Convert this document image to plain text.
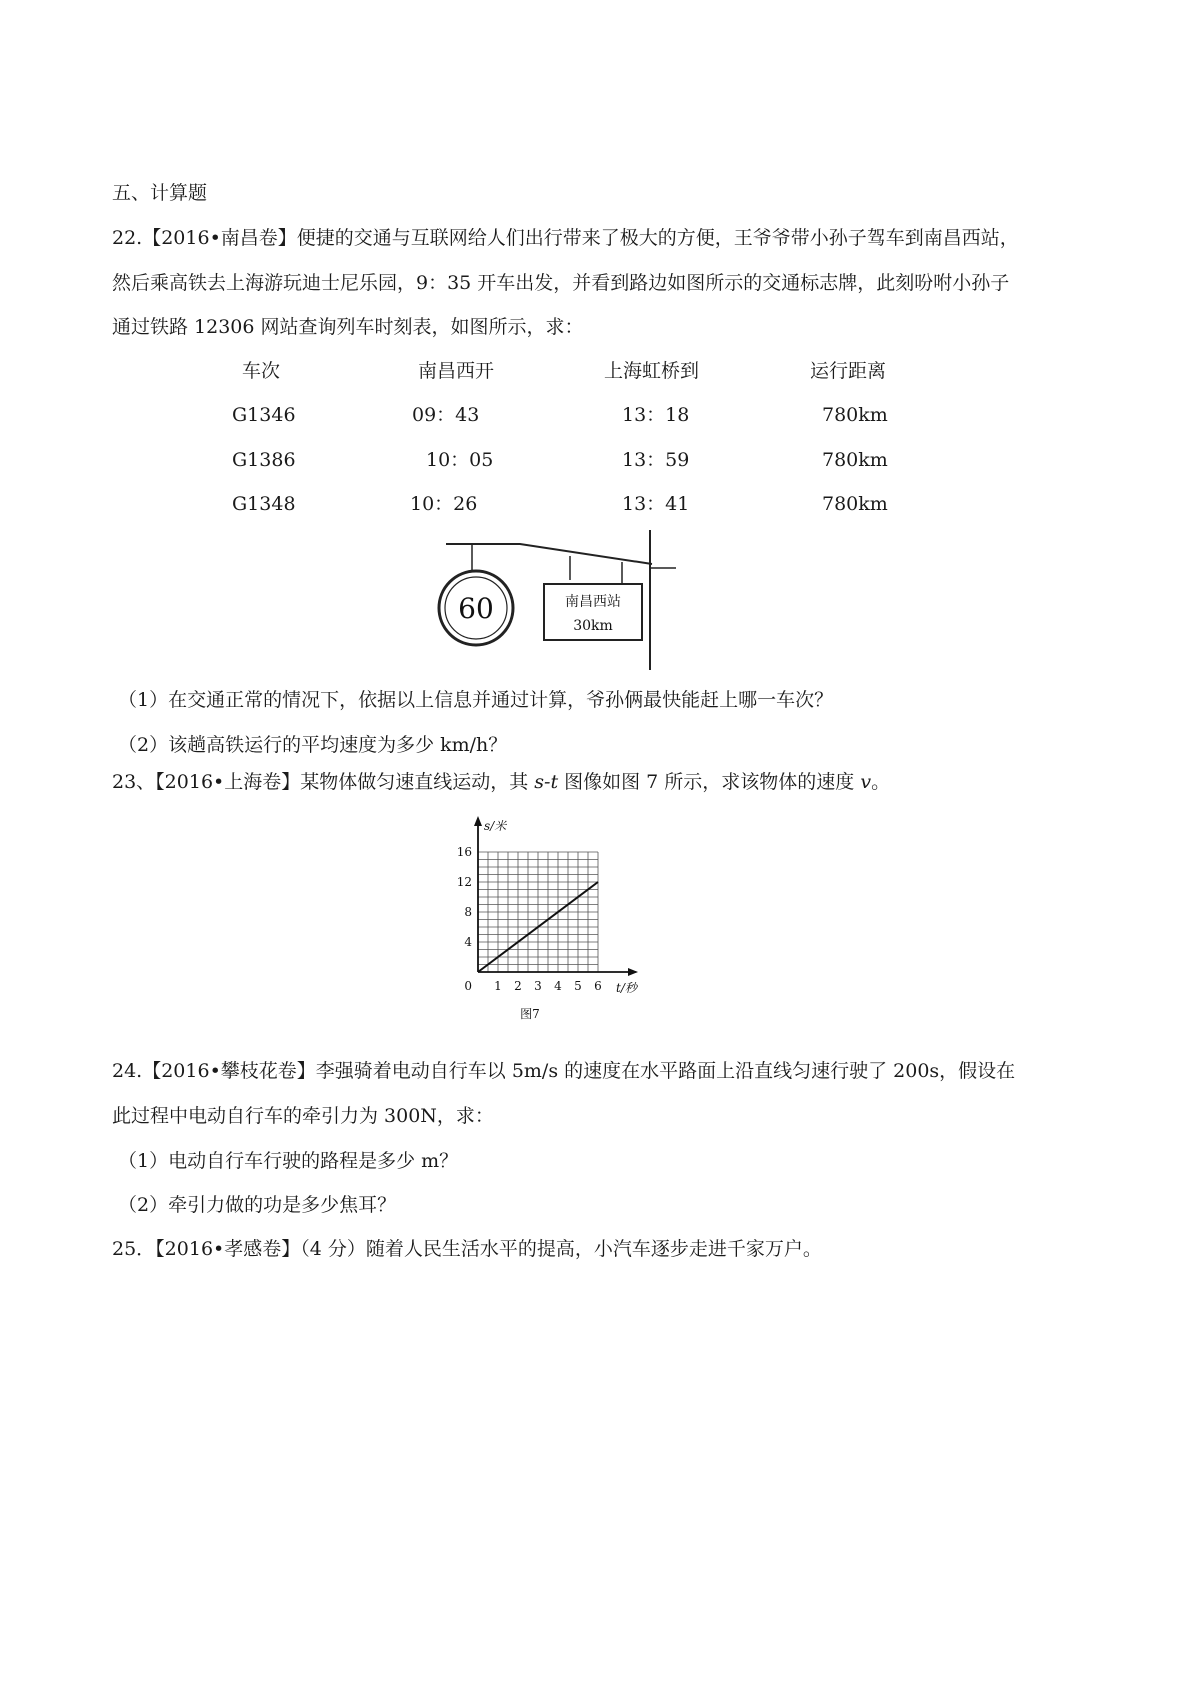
五、计算题
22.【2016•南昌卷】便捷的交通与互联网给人们出行带来了极大的方便，王爷爷带小孙子驾车到南昌西站，
然后乘高铁去上海游玩迪士尼乐园，9：35 开车出发，并看到路边如图所示的交通标志牌，此刻吩咐小孙子
通过铁路 12306 网站查询列车时刻表，如图所示，求：
车次	南昌西开	上海虹桥到	运行距离
G1346	09：43	13：18	780km
G1386	10：05	13：59	780km
G1348	10：26	13：41	780km
60	南昌西站
30km
（1）在交通正常的情况下，依据以上信息并通过计算，爷孙俩最快能赶上哪一车次？
（2）该趟高铁运行的平均速度为多少 km/h？
23、【2016•上海卷】某物体做匀速直线运动，其 s-t 图像如图 7 所示，求该物体的速度 v。
1 2 3 4 5 6
4
8
12
16
0
s/米
t/秒
图7
24.【2016•攀枝花卷】李强骑着电动自行车以 5m/s 的速度在水平路面上沿直线匀速行驶了 200s，假设在
此过程中电动自行车的牵引力为 300N，求：
（1）电动自行车行驶的路程是多少 m？
（2）牵引力做的功是多少焦耳？
25．【2016•孝感卷】（4 分）随着人民生活水平的提高，小汽车逐步走进千家万户。
